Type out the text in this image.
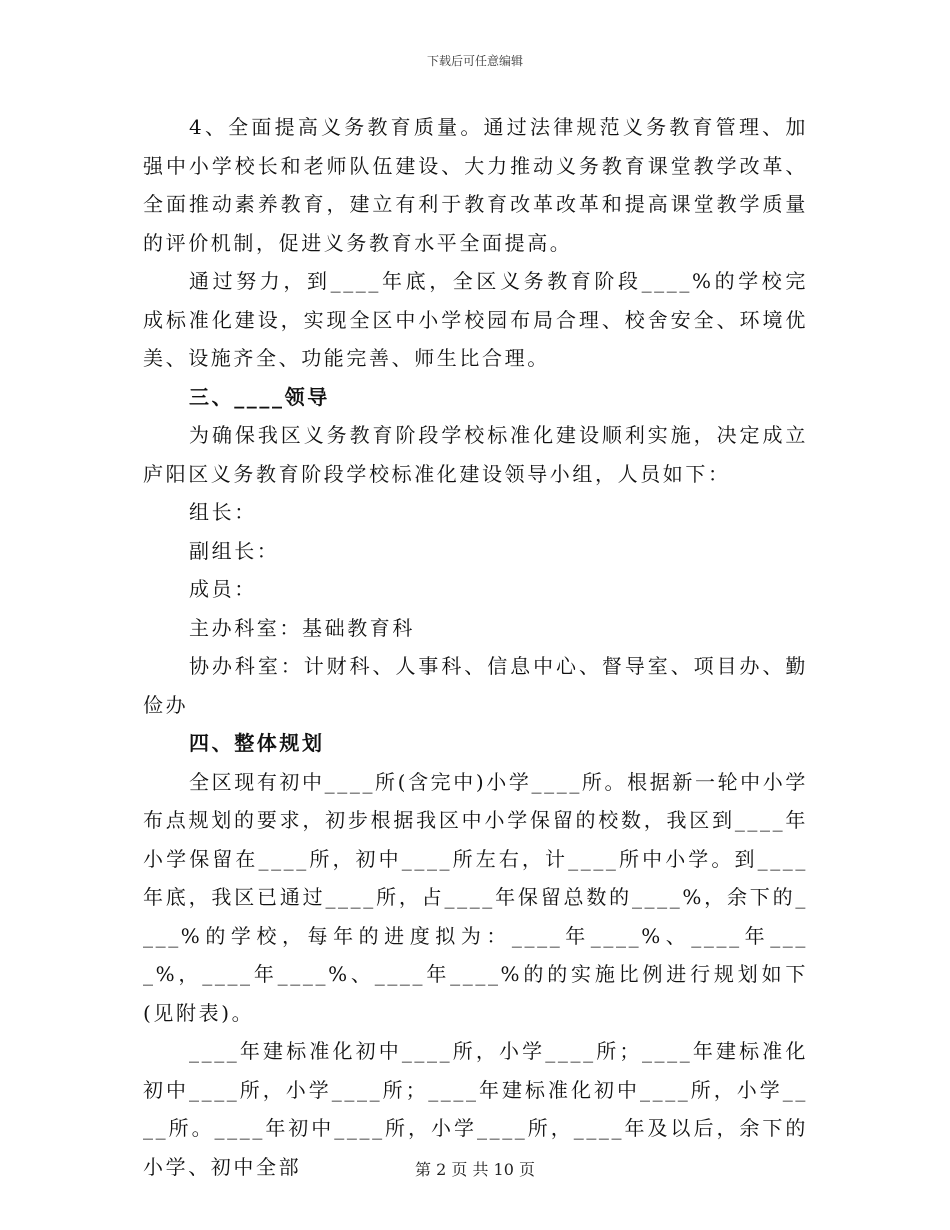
下载后可任意编辑

4、全面提高义务教育质量。通过法律规范义务教育管理、加强中小学校长和老师队伍建设、大力推动义务教育课堂教学改革、全面推动素养教育，建立有利于教育改革改革和提高课堂教学质量的评价机制，促进义务教育水平全面提高。

通过努力，到____年底，全区义务教育阶段____%的学校完成标准化建设，实现全区中小学校园布局合理、校舍安全、环境优美、设施齐全、功能完善、师生比合理。

三、____领导

为确保我区义务教育阶段学校标准化建设顺利实施，决定成立庐阳区义务教育阶段学校标准化建设领导小组，人员如下：

组长：

副组长：

成员：

主办科室：基础教育科

协办科室：计财科、人事科、信息中心、督导室、项目办、勤俭办

四、整体规划

全区现有初中____所(含完中)小学____所。根据新一轮中小学布点规划的要求，初步根据我区中小学保留的校数，我区到____年小学保留在____所，初中____所左右，计____所中小学。到____年底，我区已通过____所，占____年保留总数的____%，余下的____%的学校，每年的进度拟为：____年____%、____年____%，____年____%、____年____%的的实施比例进行规划如下(见附表)。

____年建标准化初中____所，小学____所；____年建标准化初中____所，小学____所；____年建标准化初中____所，小学____所。____年初中____所，小学____所，____年及以后，余下的小学、初中全部	第 2 页 共 10 页
